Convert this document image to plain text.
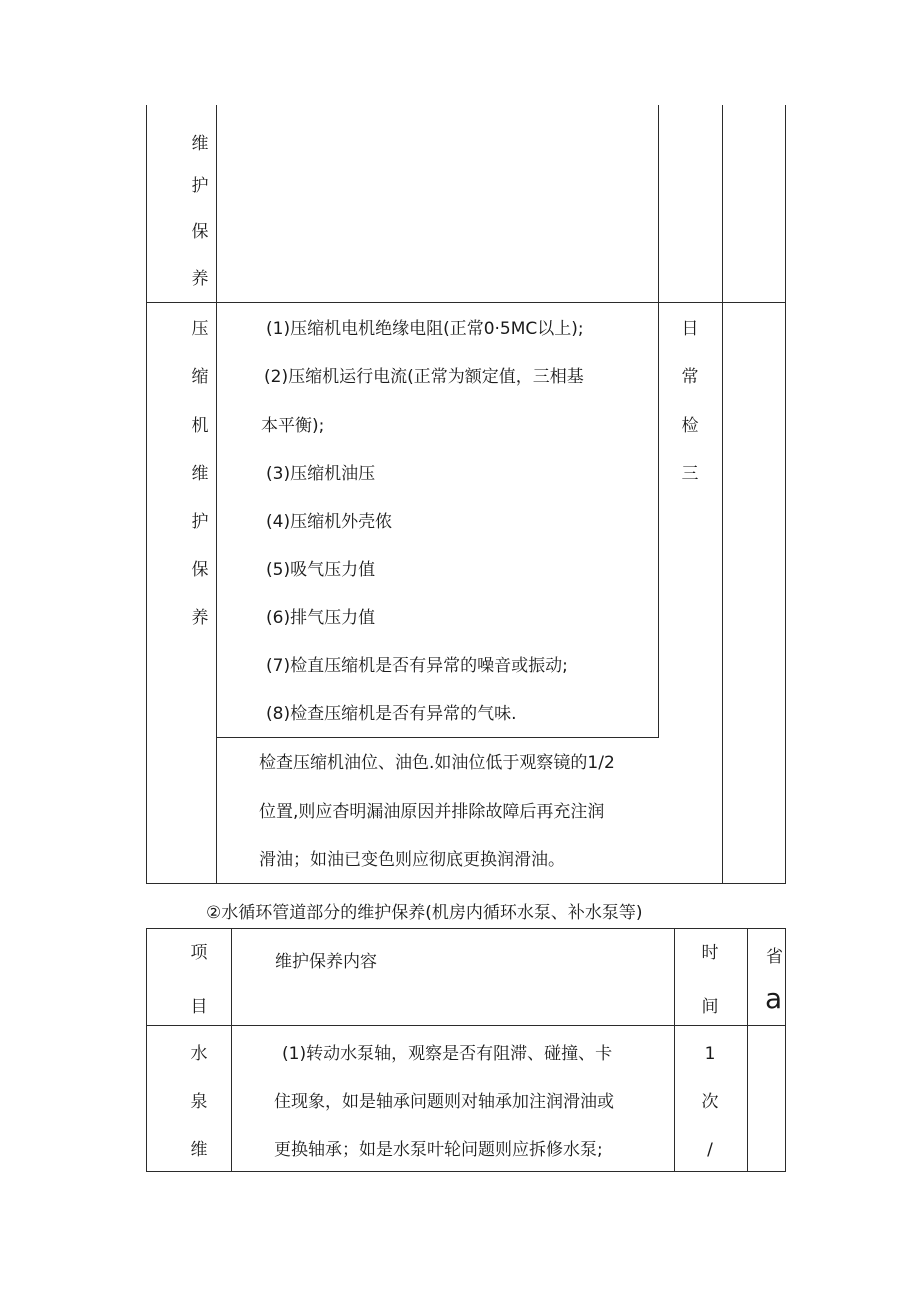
维
护
保
养
压
缩
机
维
护
保
养
(1)压缩机电机绝缘电阻(正常0·5MC以上);
(2)压缩机运行电流(正常为额定值，三相基
本平衡);
(3)压缩机油压
(4)压缩机外壳侬
(5)吸气压力值
(6)排气压力值
(7)检直压缩机是否有异常的噪音或振动;
(8)检查压缩机是否有异常的气味.
日
常
检
三
检查压缩机油位、油色.如油位低于观察镜的1/2
位置,则应杳明漏油原因并排除故障后再充注润
滑油；如油已变色则应彻底更换润滑油。
②水循环管道部分的维护保养(机房内循环水泵、补水泵等)
项
目
维护保养内容	时
间
省
a
水
泉
维
(1)转动水泵轴，观察是否有阻滞、碰撞、卡
住现象，如是轴承问题则对轴承加注润滑油或
更换轴承；如是水泵叶轮问题则应拆修水泵;
1
次
/
